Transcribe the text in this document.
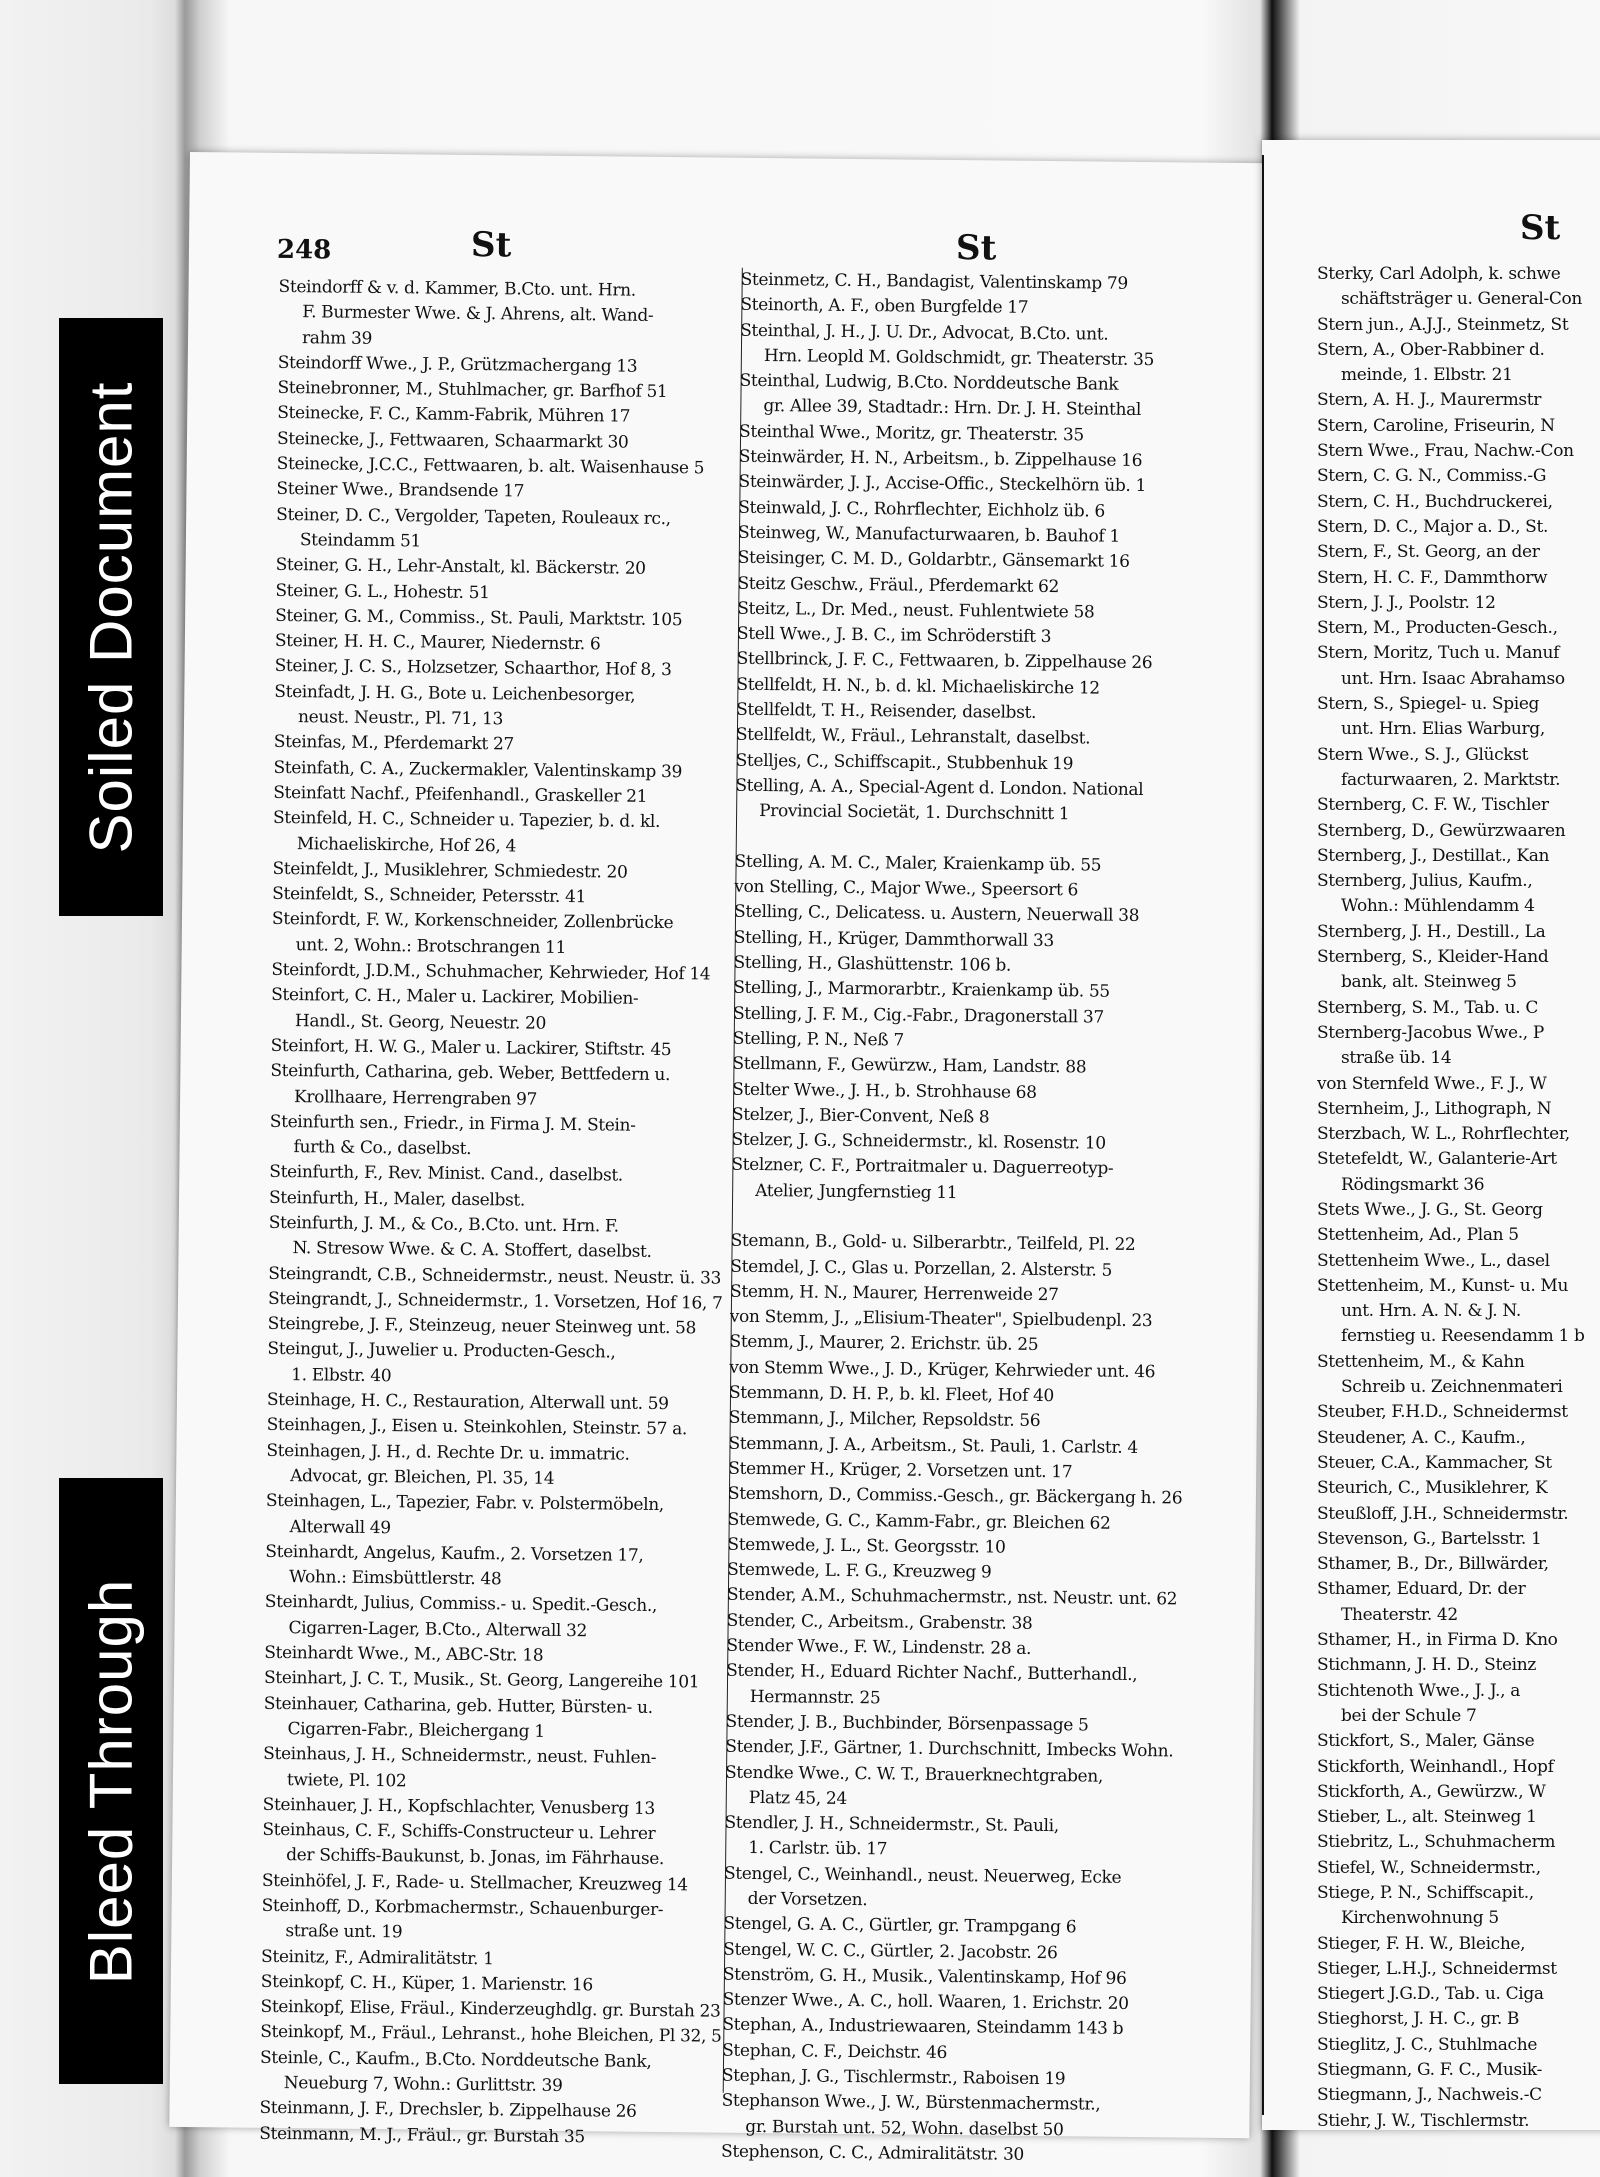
248	St	St
Steindorff & v. d. Kammer, B.Cto. unt. Hrn.
F. Burmester Wwe. & J. Ahrens, alt. Wand-
rahm 39
Steindorff Wwe., J. P., Grützmachergang 13
Steinebronner, M., Stuhlmacher, gr. Barfhof 51
Steinecke, F. C., Kamm-Fabrik, Mühren 17
Steinecke, J., Fettwaaren, Schaarmarkt 30
Steinecke, J.C.C., Fettwaaren, b. alt. Waisenhause 5
Steiner Wwe., Brandsende 17
Steiner, D. C., Vergolder, Tapeten, Rouleaux rc.,
Steindamm 51
Steiner, G. H., Lehr-Anstalt, kl. Bäckerstr. 20
Steiner, G. L., Hohestr. 51
Steiner, G. M., Commiss., St. Pauli, Marktstr. 105
Steiner, H. H. C., Maurer, Niedernstr. 6
Steiner, J. C. S., Holzsetzer, Schaarthor, Hof 8, 3
Steinfadt, J. H. G., Bote u. Leichenbesorger,
neust. Neustr., Pl. 71, 13
Steinfas, M., Pferdemarkt 27
Steinfath, C. A., Zuckermakler, Valentinskamp 39
Steinfatt Nachf., Pfeifenhandl., Graskeller 21
Steinfeld, H. C., Schneider u. Tapezier, b. d. kl.
Michaeliskirche, Hof 26, 4
Steinfeldt, J., Musiklehrer, Schmiedestr. 20
Steinfeldt, S., Schneider, Petersstr. 41
Steinfordt, F. W., Korkenschneider, Zollenbrücke
unt. 2, Wohn.: Brotschrangen 11
Steinfordt, J.D.M., Schuhmacher, Kehrwieder, Hof 14
Steinfort, C. H., Maler u. Lackirer, Mobilien-
Handl., St. Georg, Neuestr. 20
Steinfort, H. W. G., Maler u. Lackirer, Stiftstr. 45
Steinfurth, Catharina, geb. Weber, Bettfedern u.
Krollhaare, Herrengraben 97
Steinfurth sen., Friedr., in Firma J. M. Stein-
furth & Co., daselbst.
Steinfurth, F., Rev. Minist. Cand., daselbst.
Steinfurth, H., Maler, daselbst.
Steinfurth, J. M., & Co., B.Cto. unt. Hrn. F.
N. Stresow Wwe. & C. A. Stoffert, daselbst.
Steingrandt, C.B., Schneidermstr., neust. Neustr. ü. 33
Steingrandt, J., Schneidermstr., 1. Vorsetzen, Hof 16, 7
Steingrebe, J. F., Steinzeug, neuer Steinweg unt. 58
Steingut, J., Juwelier u. Producten-Gesch.,
1. Elbstr. 40
Steinhage, H. C., Restauration, Alterwall unt. 59
Steinhagen, J., Eisen u. Steinkohlen, Steinstr. 57 a.
Steinhagen, J. H., d. Rechte Dr. u. immatric.
Advocat, gr. Bleichen, Pl. 35, 14
Steinhagen, L., Tapezier, Fabr. v. Polstermöbeln,
Alterwall 49
Steinhardt, Angelus, Kaufm., 2. Vorsetzen 17,
Wohn.: Eimsbüttlerstr. 48
Steinhardt, Julius, Commiss.- u. Spedit.-Gesch.,
Cigarren-Lager, B.Cto., Alterwall 32
Steinhardt Wwe., M., ABC-Str. 18
Steinhart, J. C. T., Musik., St. Georg, Langereihe 101
Steinhauer, Catharina, geb. Hutter, Bürsten- u.
Cigarren-Fabr., Bleichergang 1
Steinhaus, J. H., Schneidermstr., neust. Fuhlen-
twiete, Pl. 102
Steinhauer, J. H., Kopfschlachter, Venusberg 13
Steinhaus, C. F., Schiffs-Constructeur u. Lehrer
der Schiffs-Baukunst, b. Jonas, im Fährhause.
Steinhöfel, J. F., Rade- u. Stellmacher, Kreuzweg 14
Steinhoff, D., Korbmachermstr., Schauenburger-
straße unt. 19
Steinitz, F., Admiralitätstr. 1
Steinkopf, C. H., Küper, 1. Marienstr. 16
Steinkopf, Elise, Fräul., Kinderzeughdlg. gr. Burstah 23
Steinkopf, M., Fräul., Lehranst., hohe Bleichen, Pl 32, 5
Steinle, C., Kaufm., B.Cto. Norddeutsche Bank,
Neueburg 7, Wohn.: Gurlittstr. 39
Steinmann, J. F., Drechsler, b. Zippelhause 26
Steinmann, M. J., Fräul., gr. Burstah 35
Steinmetz, C. H., Bandagist, Valentinskamp 79
Steinorth, A. F., oben Burgfelde 17
Steinthal, J. H., J. U. Dr., Advocat, B.Cto. unt.
Hrn. Leopld M. Goldschmidt, gr. Theaterstr. 35
Steinthal, Ludwig, B.Cto. Norddeutsche Bank
gr. Allee 39, Stadtadr.: Hrn. Dr. J. H. Steinthal
Steinthal Wwe., Moritz, gr. Theaterstr. 35
Steinwärder, H. N., Arbeitsm., b. Zippelhause 16
Steinwärder, J. J., Accise-Offic., Steckelhörn üb. 1
Steinwald, J. C., Rohrflechter, Eichholz üb. 6
Steinweg, W., Manufacturwaaren, b. Bauhof 1
Steisinger, C. M. D., Goldarbtr., Gänsemarkt 16
Steitz Geschw., Fräul., Pferdemarkt 62
Steitz, L., Dr. Med., neust. Fuhlentwiete 58
Stell Wwe., J. B. C., im Schröderstift 3
Stellbrinck, J. F. C., Fettwaaren, b. Zippelhause 26
Stellfeldt, H. N., b. d. kl. Michaeliskirche 12
Stellfeldt, T. H., Reisender, daselbst.
Stellfeldt, W., Fräul., Lehranstalt, daselbst.
Stelljes, C., Schiffscapit., Stubbenhuk 19
Stelling, A. A., Special-Agent d. London. National
Provincial Societät, 1. Durchschnitt 1
Stelling, A. M. C., Maler, Kraienkamp üb. 55
von Stelling, C., Major Wwe., Speersort 6
Stelling, C., Delicatess. u. Austern, Neuerwall 38
Stelling, H., Krüger, Dammthorwall 33
Stelling, H., Glashüttenstr. 106 b.
Stelling, J., Marmorarbtr., Kraienkamp üb. 55
Stelling, J. F. M., Cig.-Fabr., Dragonerstall 37
Stelling, P. N., Neß 7
Stellmann, F., Gewürzw., Ham, Landstr. 88
Stelter Wwe., J. H., b. Strohhause 68
Stelzer, J., Bier-Convent, Neß 8
Stelzer, J. G., Schneidermstr., kl. Rosenstr. 10
Stelzner, C. F., Portraitmaler u. Daguerreotyp-
Atelier, Jungfernstieg 11
Stemann, B., Gold- u. Silberarbtr., Teilfeld, Pl. 22
Stemdel, J. C., Glas u. Porzellan, 2. Alsterstr. 5
Stemm, H. N., Maurer, Herrenweide 27
von Stemm, J., „Elisium-Theater", Spielbudenpl. 23
Stemm, J., Maurer, 2. Erichstr. üb. 25
von Stemm Wwe., J. D., Krüger, Kehrwieder unt. 46
Stemmann, D. H. P., b. kl. Fleet, Hof 40
Stemmann, J., Milcher, Repsoldstr. 56
Stemmann, J. A., Arbeitsm., St. Pauli, 1. Carlstr. 4
Stemmer H., Krüger, 2. Vorsetzen unt. 17
Stemshorn, D., Commiss.-Gesch., gr. Bäckergang h. 26
Stemwede, G. C., Kamm-Fabr., gr. Bleichen 62
Stemwede, J. L., St. Georgsstr. 10
Stemwede, L. F. G., Kreuzweg 9
Stender, A.M., Schuhmachermstr., nst. Neustr. unt. 62
Stender, C., Arbeitsm., Grabenstr. 38
Stender Wwe., F. W., Lindenstr. 28 a.
Stender, H., Eduard Richter Nachf., Butterhandl.,
Hermannstr. 25
Stender, J. B., Buchbinder, Börsenpassage 5
Stender, J.F., Gärtner, 1. Durchschnitt, Imbecks Wohn.
Stendke Wwe., C. W. T., Brauerknechtgraben,
Platz 45, 24
Stendler, J. H., Schneidermstr., St. Pauli,
1. Carlstr. üb. 17
Stengel, C., Weinhandl., neust. Neuerweg, Ecke
der Vorsetzen.
Stengel, G. A. C., Gürtler, gr. Trampgang 6
Stengel, W. C. C., Gürtler, 2. Jacobstr. 26
Stenström, G. H., Musik., Valentinskamp, Hof 96
Stenzer Wwe., A. C., holl. Waaren, 1. Erichstr. 20
Stephan, A., Industriewaaren, Steindamm 143 b
Stephan, C. F., Deichstr. 46
Stephan, J. G., Tischlermstr., Raboisen 19
Stephanson Wwe., J. W., Bürstenmachermstr.,
gr. Burstah unt. 52, Wohn. daselbst 50
Stephenson, C. C., Admiralitätstr. 30
St
Sterky, Carl Adolph, k. schwe
schäftsträger u. General-Con
Stern jun., A.J.J., Steinmetz, St
Stern, A., Ober-Rabbiner d.
meinde, 1. Elbstr. 21
Stern, A. H. J., Maurermstr
Stern, Caroline, Friseurin, N
Stern Wwe., Frau, Nachw.-Con
Stern, C. G. N., Commiss.-G
Stern, C. H., Buchdruckerei,
Stern, D. C., Major a. D., St.
Stern, F., St. Georg, an der
Stern, H. C. F., Dammthorw
Stern, J. J., Poolstr. 12
Stern, M., Producten-Gesch.,
Stern, Moritz, Tuch u. Manuf
unt. Hrn. Isaac Abrahamso
Stern, S., Spiegel- u. Spieg
unt. Hrn. Elias Warburg,
Stern Wwe., S. J., Glückst
facturwaaren, 2. Marktstr.
Sternberg, C. F. W., Tischler
Sternberg, D., Gewürzwaaren
Sternberg, J., Destillat., Kan
Sternberg, Julius, Kaufm.,
Wohn.: Mühlendamm 4
Sternberg, J. H., Destill., La
Sternberg, S., Kleider-Hand
bank, alt. Steinweg 5
Sternberg, S. M., Tab. u. C
Sternberg-Jacobus Wwe., P
straße üb. 14
von Sternfeld Wwe., F. J., W
Sternheim, J., Lithograph, N
Sterzbach, W. L., Rohrflechter,
Stetefeldt, W., Galanterie-Art
Rödingsmarkt 36
Stets Wwe., J. G., St. Georg
Stettenheim, Ad., Plan 5
Stettenheim Wwe., L., dasel
Stettenheim, M., Kunst- u. Mu
unt. Hrn. A. N. & J. N.
fernstieg u. Reesendamm 1 b
Stettenheim, M., & Kahn
Schreib u. Zeichnenmateri
Steuber, F.H.D., Schneidermst
Steudener, A. C., Kaufm.,
Steuer, C.A., Kammacher, St
Steurich, C., Musiklehrer, K
Steußloff, J.H., Schneidermstr.
Stevenson, G., Bartelsstr. 1
Sthamer, B., Dr., Billwärder,
Sthamer, Eduard, Dr. der
Theaterstr. 42
Sthamer, H., in Firma D. Kno
Stichmann, J. H. D., Steinz
Stichtenoth Wwe., J. J., a
bei der Schule 7
Stickfort, S., Maler, Gänse
Stickforth, Weinhandl., Hopf
Stickforth, A., Gewürzw., W
Stieber, L., alt. Steinweg 1
Stiebritz, L., Schuhmacherm
Stiefel, W., Schneidermstr.,
Stiege, P. N., Schiffscapit.,
Kirchenwohnung 5
Stieger, F. H. W., Bleiche,
Stieger, L.H.J., Schneidermst
Stiegert J.G.D., Tab. u. Ciga
Stieghorst, J. H. C., gr. B
Stieglitz, J. C., Stuhlmache
Stiegmann, G. F. C., Musik-
Stiegmann, J., Nachweis.-C
Stiehr, J. W., Tischlermstr.
Soiled Document
Bleed Through
